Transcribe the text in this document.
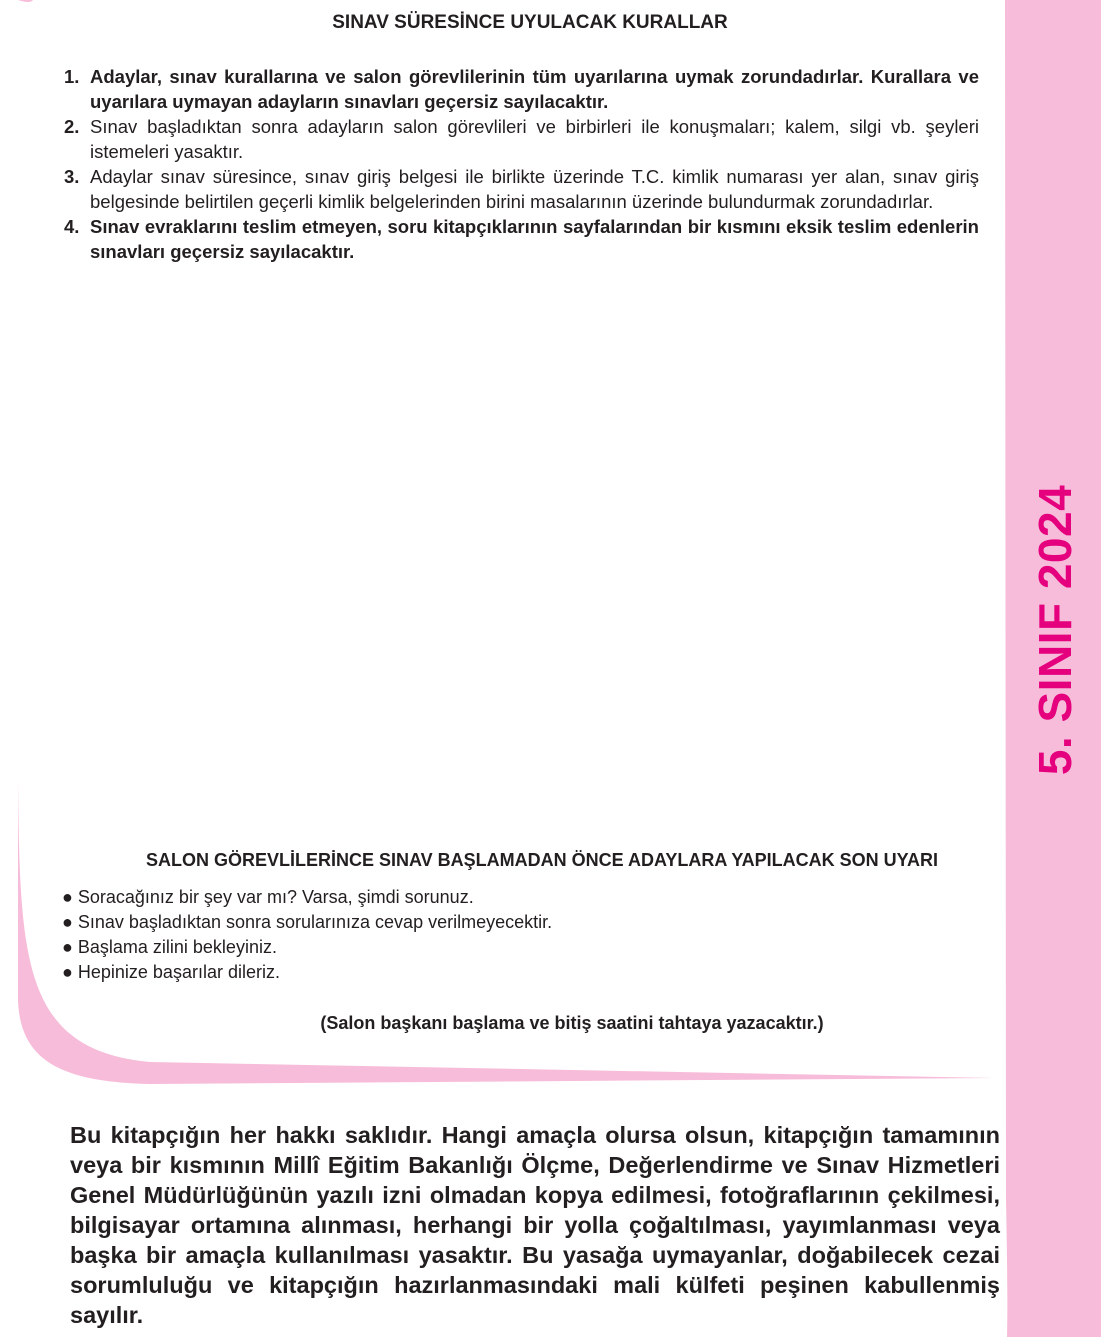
5. SINIF 2024
SINAV SÜRESİNCE UYULACAK KURALLAR
1. Adaylar, sınav kurallarına ve salon görevlilerinin tüm uyarılarına uymak zorundadırlar. Kurallara ve uyarılara uymayan adayların sınavları geçersiz sayılacaktır.
2. Sınav başladıktan sonra adayların salon görevlileri ve birbirleri ile konuşmaları; kalem, silgi vb. şeyleri istemeleri yasaktır.
3. Adaylar sınav süresince, sınav giriş belgesi ile birlikte üzerinde T.C. kimlik numarası yer alan, sınav giriş belgesinde belirtilen geçerli kimlik belgelerinden birini masalarının üzerinde bulundurmak zorundadırlar.
4. Sınav evraklarını teslim etmeyen, soru kitapçıklarının sayfalarından bir kısmını eksik teslim edenlerin sınavları geçersiz sayılacaktır.
SALON GÖREVLİLERİNCE SINAV BAŞLAMADAN ÖNCE ADAYLARA YAPILACAK SON UYARI
● Soracağınız bir şey var mı? Varsa, şimdi sorunuz.
● Sınav başladıktan sonra sorularınıza cevap verilmeyecektir.
● Başlama zilini bekleyiniz.
● Hepinize başarılar dileriz.
(Salon başkanı başlama ve bitiş saatini tahtaya yazacaktır.)

Bu kitapçığın her hakkı saklıdır. Hangi amaçla olursa olsun, kitapçığın tamamının veya bir kısmının Millî Eğitim Bakanlığı Ölçme, Değerlendirme ve Sınav Hizmetleri Genel Müdürlüğünün yazılı izni olmadan kopya edilmesi, fotoğraflarının çekilmesi, bilgisayar ortamına alınması, herhangi bir yolla çoğaltılması, yayımlanması veya başka bir amaçla kullanılması yasaktır. Bu yasağa uymayanlar, doğabilecek cezai sorumluluğu ve kitapçığın hazırlanmasındaki mali külfeti peşinen kabullenmiş sayılır.
